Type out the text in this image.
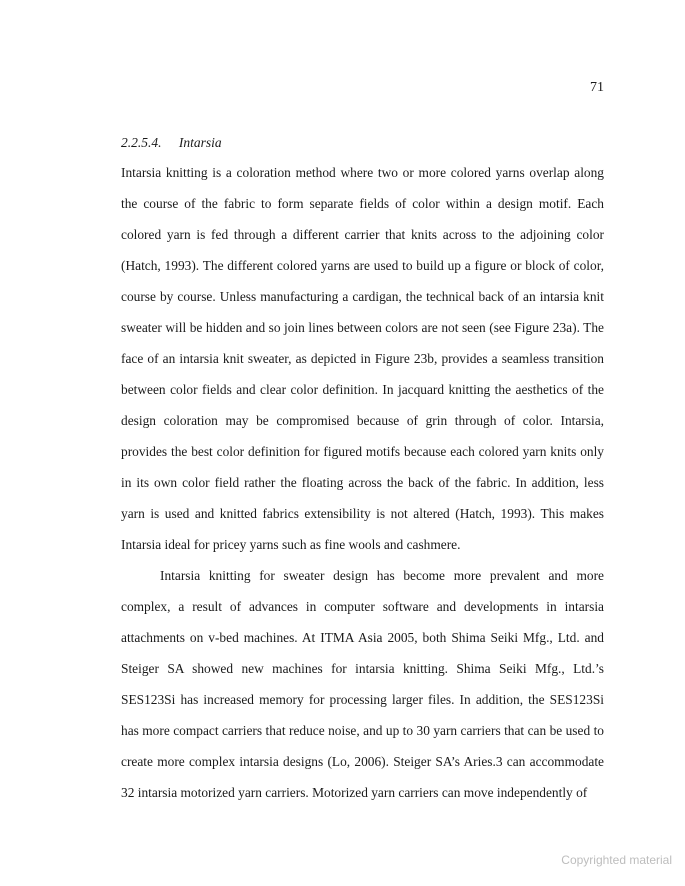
71
2.2.5.4. Intarsia
Intarsia knitting is a coloration method where two or more colored yarns overlap along
the course of the fabric to form separate fields of color within a design motif. Each
colored yarn is fed through a different carrier that knits across to the adjoining color
(Hatch, 1993). The different colored yarns are used to build up a figure or block of color,
course by course. Unless manufacturing a cardigan, the technical back of an intarsia knit
sweater will be hidden and so join lines between colors are not seen (see Figure 23a). The
face of an intarsia knit sweater, as depicted in Figure 23b, provides a seamless transition
between color fields and clear color definition. In jacquard knitting the aesthetics of the
design coloration may be compromised because of grin through of color. Intarsia,
provides the best color definition for figured motifs because each colored yarn knits only
in its own color field rather the floating across the back of the fabric. In addition, less
yarn is used and knitted fabrics extensibility is not altered (Hatch, 1993). This makes
Intarsia ideal for pricey yarns such as fine wools and cashmere.
Intarsia knitting for sweater design has become more prevalent and more
complex, a result of advances in computer software and developments in intarsia
attachments on v-bed machines. At ITMA Asia 2005, both Shima Seiki Mfg., Ltd. and
Steiger SA showed new machines for intarsia knitting. Shima Seiki Mfg., Ltd.’s
SES123Si has increased memory for processing larger files. In addition, the SES123Si
has more compact carriers that reduce noise, and up to 30 yarn carriers that can be used to
create more complex intarsia designs (Lo, 2006). Steiger SA’s Aries.3 can accommodate
32 intarsia motorized yarn carriers. Motorized yarn carriers can move independently of
Copyrighted material
